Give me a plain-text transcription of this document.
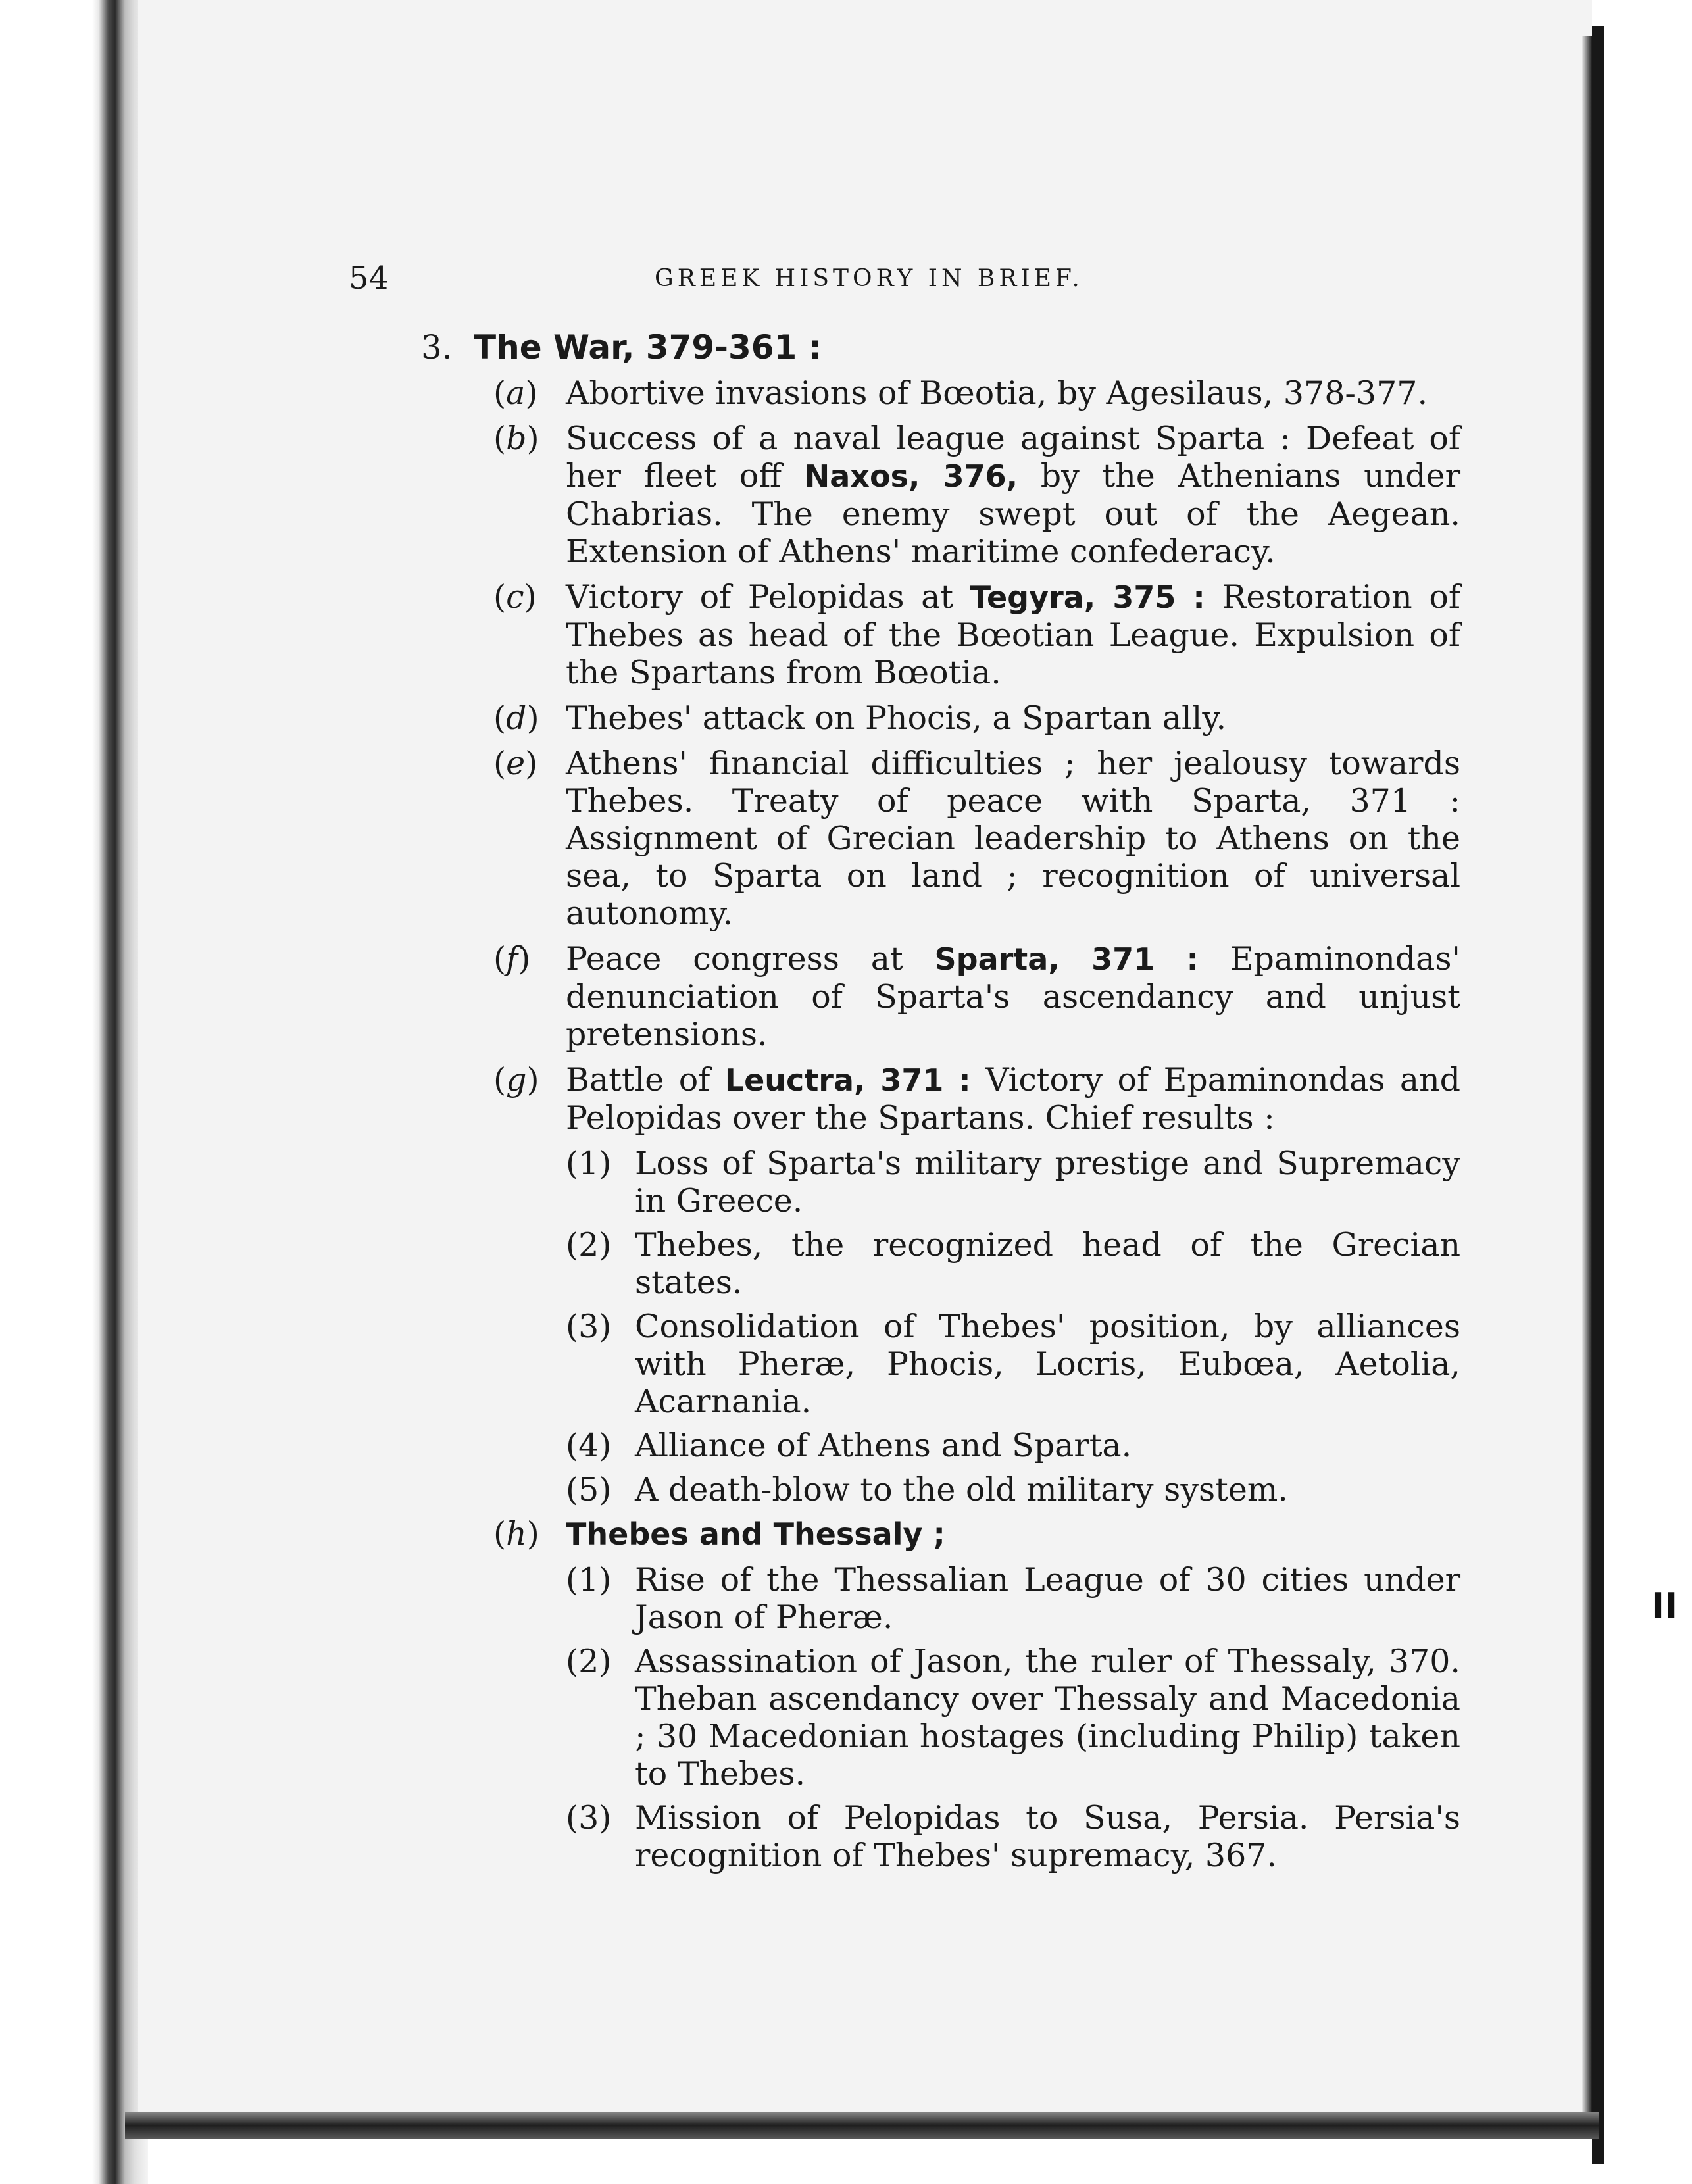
II
54	GREEK HISTORY IN BRIEF.
3. The War, 379-361 :
(a) Abortive invasions of Bœotia, by Agesilaus, 378-377.
(b) Success of a naval league against Sparta : Defeat of her fleet off Naxos, 376, by the Athenians under Chabrias. The enemy swept out of the Aegean. Extension of Athens' maritime confederacy.
(c) Victory of Pelopidas at Tegyra, 375 : Restoration of Thebes as head of the Bœotian League. Expulsion of the Spartans from Bœotia.
(d) Thebes' attack on Phocis, a Spartan ally.
(e) Athens' financial difficulties ; her jealousy towards Thebes. Treaty of peace with Sparta, 371 : Assignment of Grecian leadership to Athens on the sea, to Sparta on land ; recognition of universal autonomy.
(f)	Peace congress at Sparta, 371 : Epaminondas' denunciation of Sparta's ascendancy and unjust pretensions.
(g) Battle of Leuctra, 371 : Victory of Epaminondas and Pelopidas over the Spartans. Chief results :
(1) Loss of Sparta's military prestige and Supremacy in Greece.
(2) Thebes, the recognized head of the Grecian states.
(3) Consolidation of Thebes' position, by alliances with Pheræ, Phocis, Locris, Eubœa, Aetolia, Acarnania.
(4) Alliance of Athens and Sparta.
(5) A death-blow to the old military system.
(h) Thebes and Thessaly ;
(1) Rise of the Thessalian League of 30 cities under Jason of Pheræ.
(2) Assassination of Jason, the ruler of Thessaly, 370. Theban ascendancy over Thessaly and Macedonia ; 30 Macedonian hostages (including Philip) taken to Thebes.
(3) Mission of Pelopidas to Susa, Persia. Persia's recognition of Thebes' supremacy, 367.
